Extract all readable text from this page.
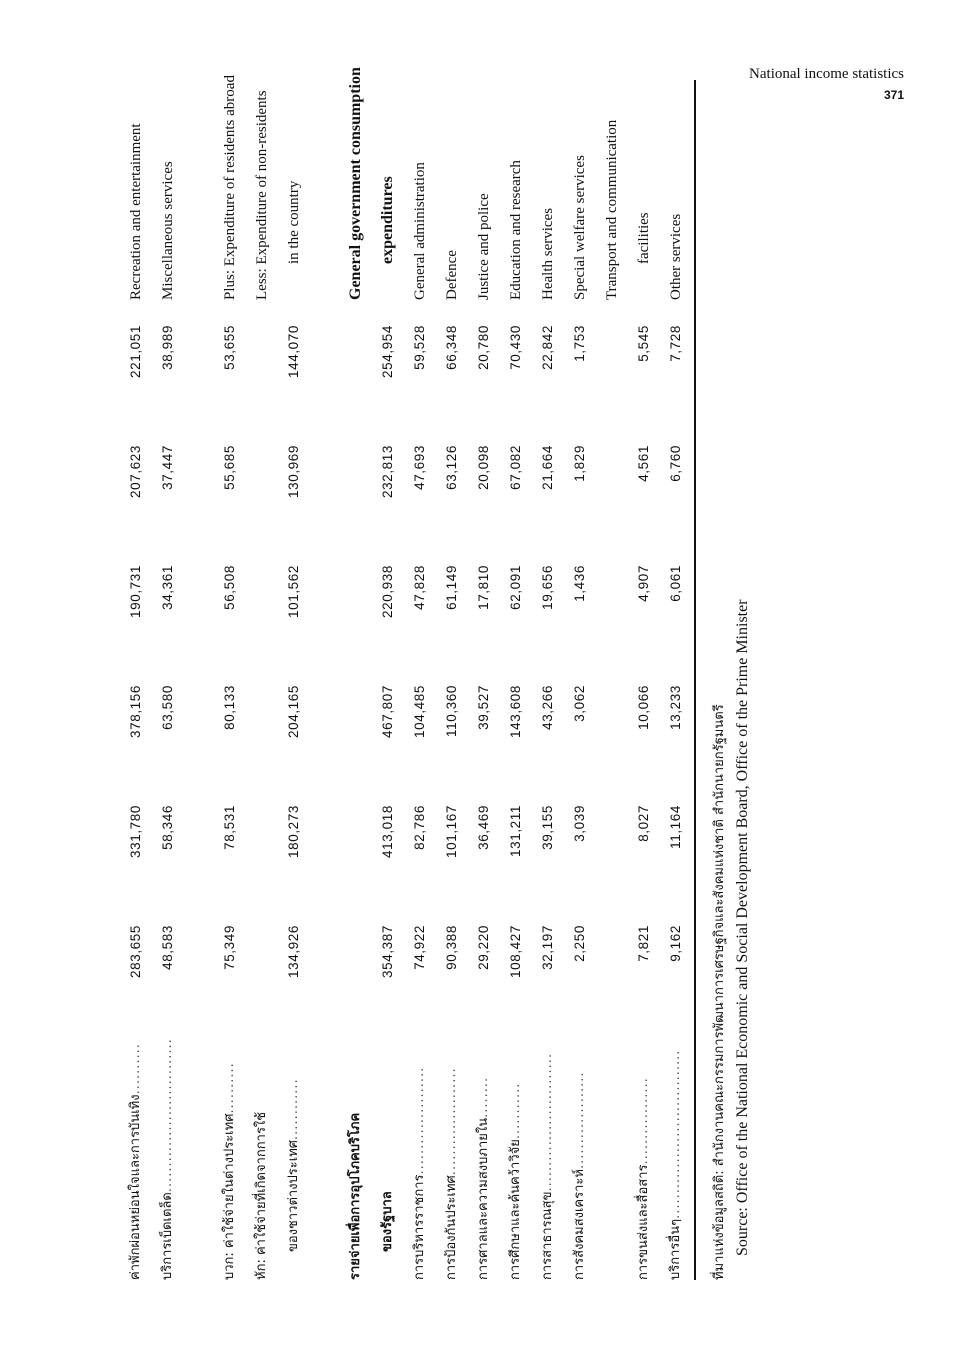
National income statistics
371
ค่าพักผ่อนหย่อนใจและการบันเทิง..........
283,655
331,780
378,156
190,731
207,623
221,051
Recreation and entertainment
บริการเบ็ดเตล็ด..............................
48,583
58,346
63,580
34,361
37,447
38,989
Miscellaneous services
บวก: ค่าใช้จ่ายในต่างประเทศ..........
75,349
78,531
80,133
56,508
55,685
53,655
Plus: Expenditure of residents abroad
หัก: ค่าใช้จ่ายที่เกิดจากการใช้
Less: Expenditure of non-residents
ของชาวต่างประเทศ............
134,926
180,273
204,165
101,562
130,969
144,070
in the country
รายจ่ายเพื่อการอุปโภคบริโภค
General government consumption
ของรัฐบาล
354,387
413,018
467,807
220,938
232,813
254,954
expenditures
การบริหารราชการ.....................
74,922
82,786
104,485
47,828
47,693
59,528
General administration
การป้องกันประเทศ.....................
90,388
101,167
110,360
61,149
63,126
66,348
Defence
การศาลและความสงบภายใน........
29,220
36,469
39,527
17,810
20,098
20,780
Justice and police
การศึกษาและค้นคว้าวิจัย...........
108,427
131,211
143,608
62,091
67,082
70,430
Education and research
การสาธารณสุข...........................
32,197
39,155
43,266
19,656
21,664
22,842
Health services
การสังคมสงเคราะห์...................
2,250
3,039
3,062
1,436
1,829
1,753
Special welfare services	Transport and communication
การขนส่งและสื่อสาร.................
7,821
8,027
10,066
4,907
4,561
5,545
facilities
บริการอื่นๆ.................................
9,162
11,164
13,233
6,061
6,760
7,728
Other services
ที่มาแห่งข้อมูลสถิติ: สำนักงานคณะกรรมการพัฒนาการเศรษฐกิจและสังคมแห่งชาติ สำนักนายกรัฐมนตรี Source: Office of the National Economic and Social Development Board, Office of the Prime Minister
